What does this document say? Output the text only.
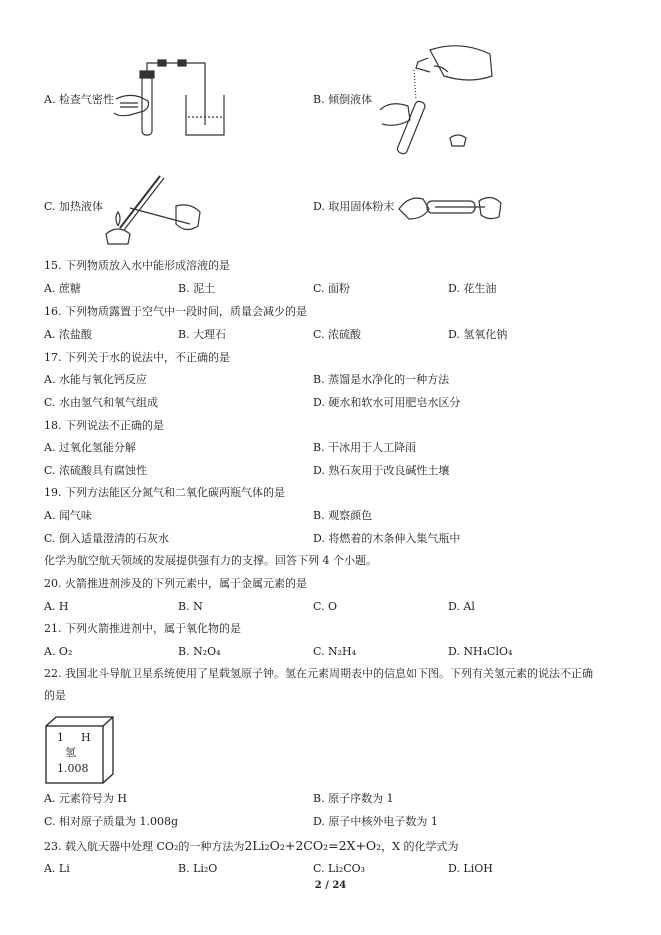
A. 检查气密性	B. 倾倒液体
C. 加热液体	D. 取用固体粉末
15. 下列物质放入水中能形成溶液的是
A. 蔗糖	B. 泥土	C. 面粉	D. 花生油
16. 下列物质露置于空气中一段时间，质量会减少的是
A. 浓盐酸	B. 大理石	C. 浓硫酸	D. 氢氧化钠
17. 下列关于水的说法中，不正确的是
A. 水能与氧化钙反应	B. 蒸馏是水净化的一种方法
C. 水由氢气和氧气组成	D. 硬水和软水可用肥皂水区分
18. 下列说法不正确的是
A. 过氧化氢能分解	B. 干冰用于人工降雨
C. 浓硫酸具有腐蚀性	D. 熟石灰用于改良碱性土壤
19. 下列方法能区分氮气和二氧化碳两瓶气体的是
A. 闻气味	B. 观察颜色
C. 倒入适量澄清的石灰水	D. 将燃着的木条伸入集气瓶中
化学为航空航天领域的发展提供强有力的支撑。回答下列 4 个小题。
20. 火箭推进剂涉及的下列元素中，属于金属元素的是
A. H	B. N	C. O	D. Al
21. 下列火箭推进剂中，属于氧化物的是
A. O₂	B. N₂O₄	C. N₂H₄	D. NH₄ClO₄
22. 我国北斗导航卫星系统使用了星载氢原子钟。氢在元素周期表中的信息如下图。下列有关氢元素的说法不正确
的是
1 H
氢
1.008
A. 元素符号为 H	B. 原子序数为 1
C. 相对原子质量为 1.008g	D. 原子中核外电子数为 1
23. 载入航天器中处理 CO₂的一种方法为2Li₂O₂+2CO₂=2X+O₂，X 的化学式为
A. Li	B. Li₂O	C. Li₂CO₃	D. LiOH
2 / 24
